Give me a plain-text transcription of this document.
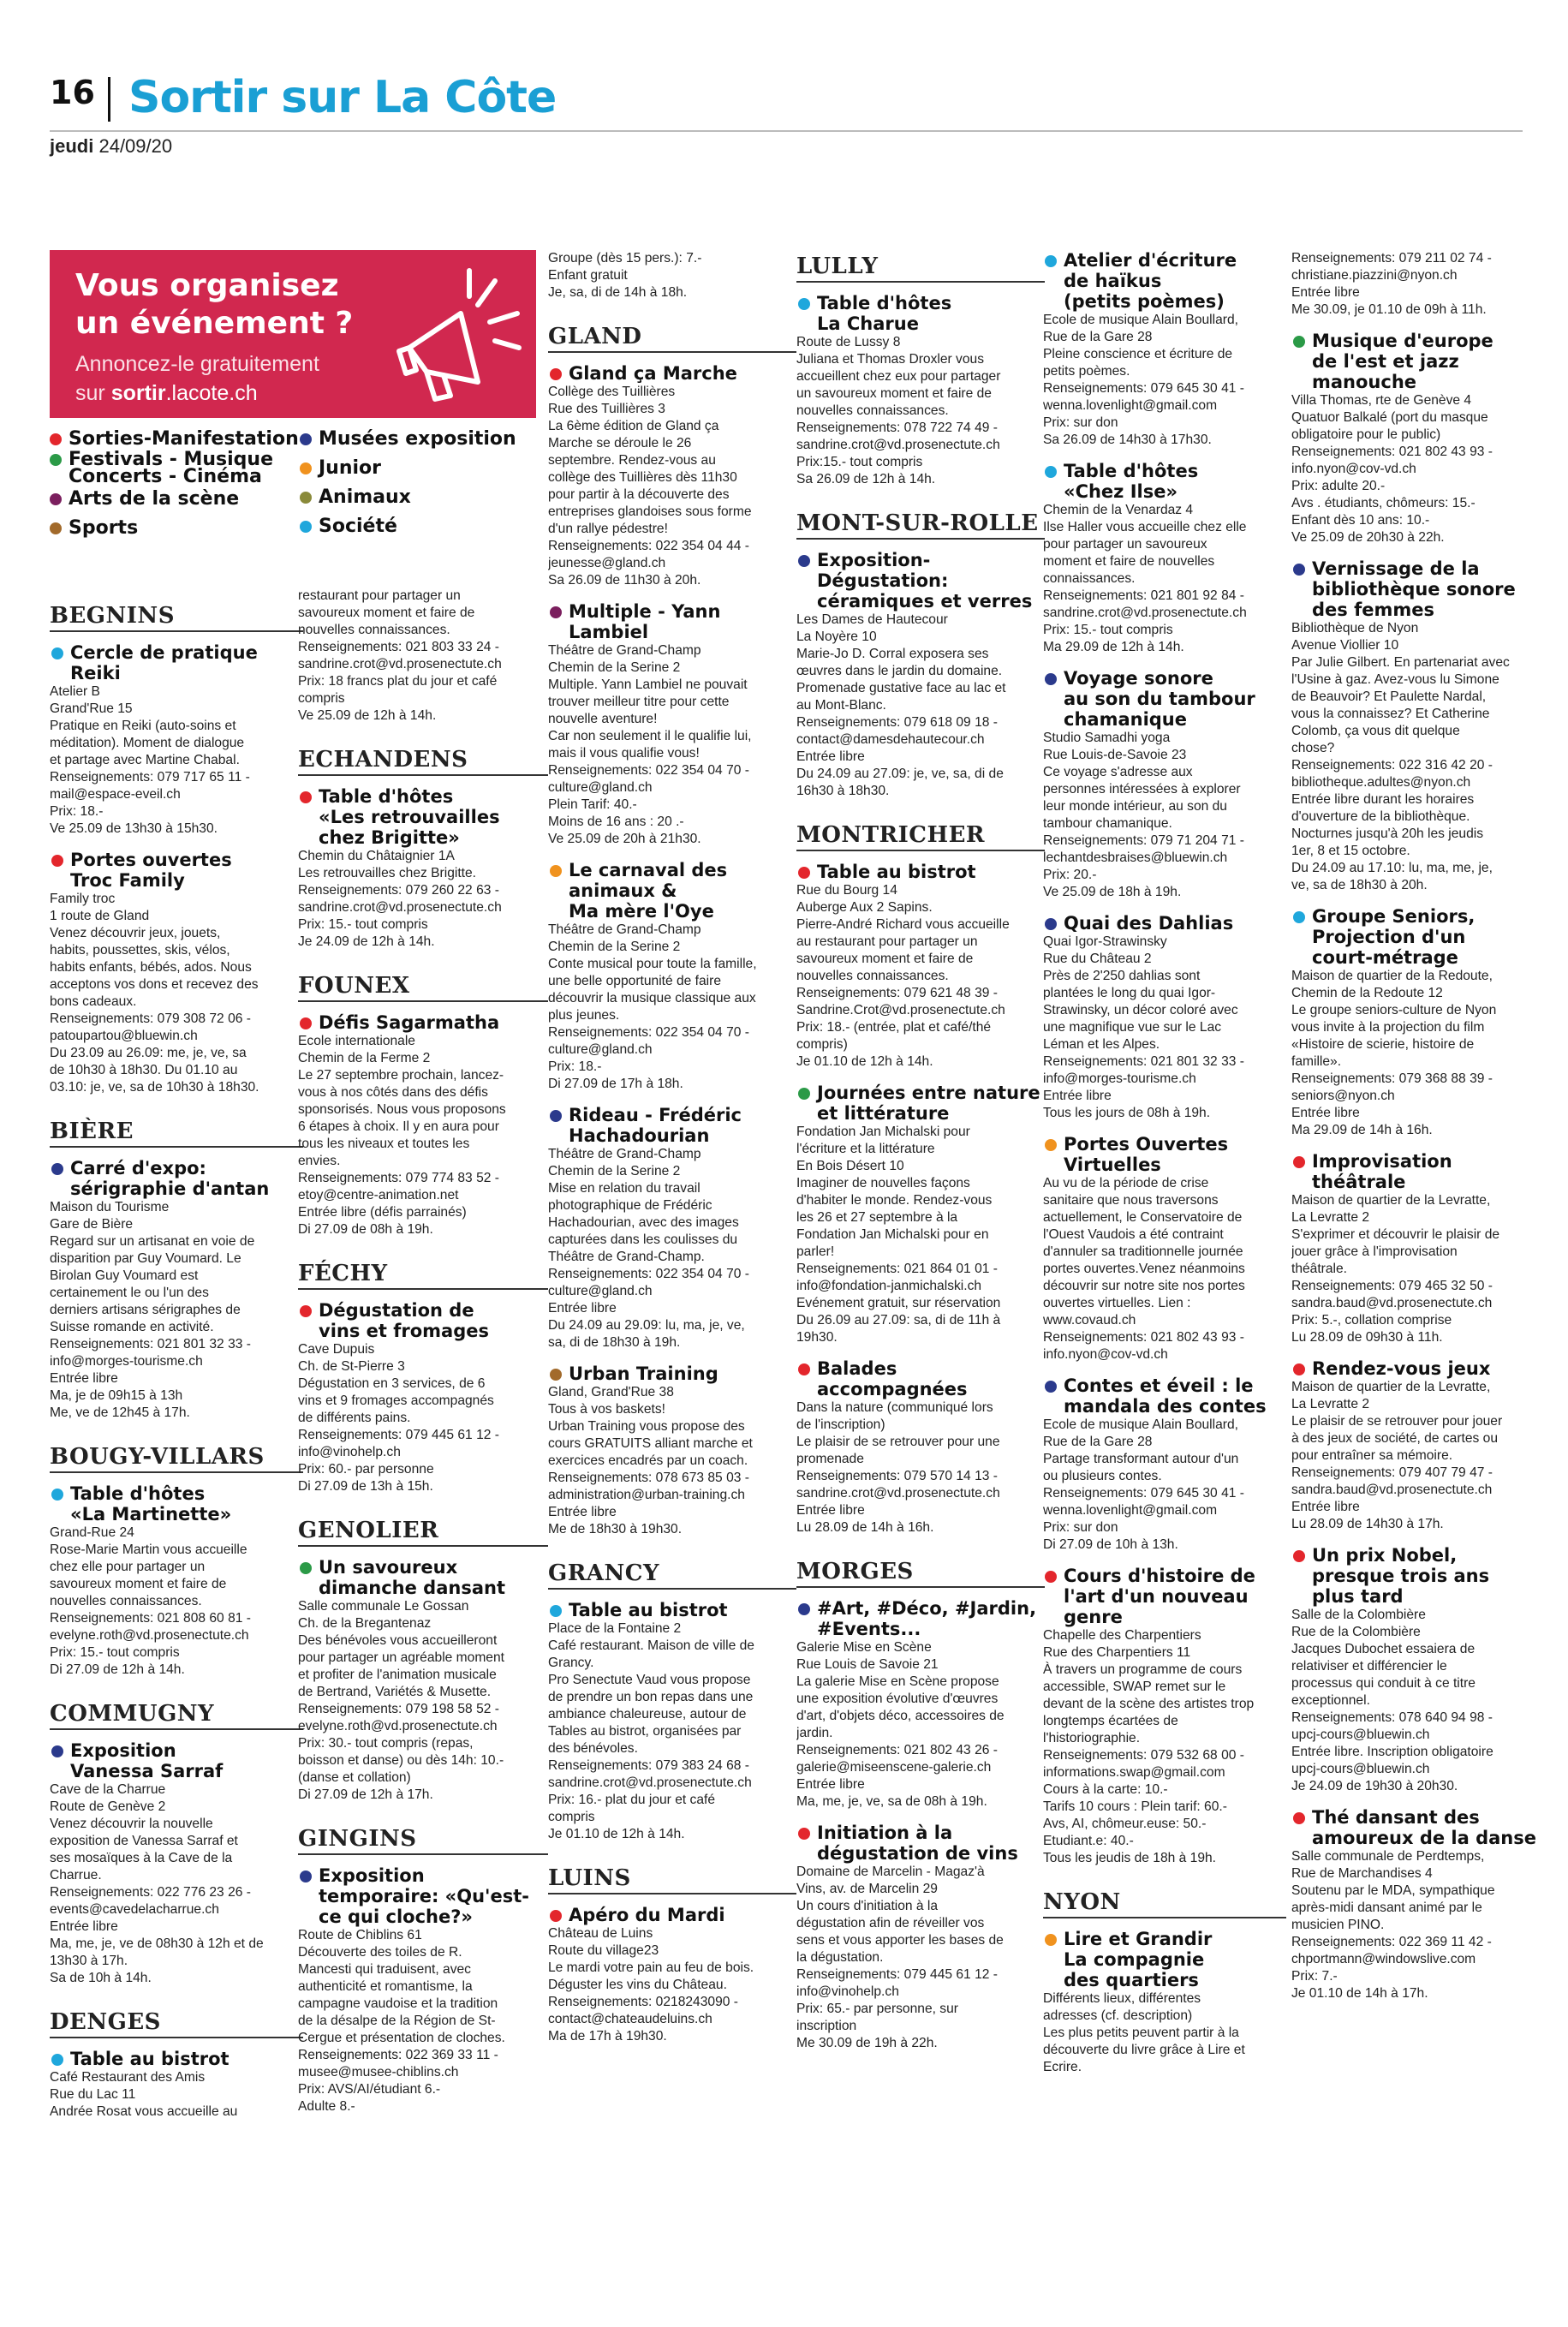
16 Sortir sur La Côte
jeudi 24/09/20
Vous organisez
un événement ?
Annoncez-le gratuitement
sur sortir.lacote.ch
Sorties-Manifestation
Festivals - Musique
Concerts - Cinéma
Arts de la scène
Sports
Musées exposition
Junior
Animaux
Société
BEGNINS
Cercle de pratique
Reiki
Atelier B
Grand'Rue 15
Pratique en Reiki (auto-soins et
méditation). Moment de dialogue
et partage avec Martine Chabal.
Renseignements: 079 717 65 11 -
mail@espace-eveil.ch
Prix: 18.-
Ve 25.09 de 13h30 à 15h30.
Portes ouvertes
Troc Family
Family troc
1 route de Gland
Venez découvrir jeux, jouets,
habits, poussettes, skis, vélos,
habits enfants, bébés, ados. Nous
acceptons vos dons et recevez des
bons cadeaux.
Renseignements: 079 308 72 06 -
patoupartou@bluewin.ch
Du 23.09 au 26.09: me, je, ve, sa
de 10h30 à 18h30. Du 01.10 au
03.10: je, ve, sa de 10h30 à 18h30.
BIÈRE
Carré d'expo:
sérigraphie d'antan
Maison du Tourisme
Gare de Bière
Regard sur un artisanat en voie de
disparition par Guy Voumard. Le
Birolan Guy Voumard est
certainement le ou l'un des
derniers artisans sérigraphes de
Suisse romande en activité.
Renseignements: 021 801 32 33 -
info@morges-tourisme.ch
Entrée libre
Ma, je de 09h15 à 13h
Me, ve de 12h45 à 17h.
BOUGY-VILLARS
Table d'hôtes
«La Martinette»
Grand-Rue 24
Rose-Marie Martin vous accueille
chez elle pour partager un
savoureux moment et faire de
nouvelles connaissances.
Renseignements: 021 808 60 81 -
evelyne.roth@vd.prosenectute.ch
Prix: 15.- tout compris
Di 27.09 de 12h à 14h.
COMMUGNY
Exposition
Vanessa Sarraf
Cave de la Charrue
Route de Genève 2
Venez découvrir la nouvelle
exposition de Vanessa Sarraf et
ses mosaïques à la Cave de la
Charrue.
Renseignements: 022 776 23 26 -
events@cavedelacharrue.ch
Entrée libre
Ma, me, je, ve de 08h30 à 12h et de
13h30 à 17h.
Sa de 10h à 14h.
DENGES
Table au bistrot
Café Restaurant des Amis
Rue du Lac 11
Andrée Rosat vous accueille au
restaurant pour partager un
savoureux moment et faire de
nouvelles connaissances.
Renseignements: 021 803 33 24 -
sandrine.crot@vd.prosenectute.ch
Prix: 18 francs plat du jour et café
compris
Ve 25.09 de 12h à 14h.
ECHANDENS
Table d'hôtes
«Les retrouvailles
chez Brigitte»
Chemin du Châtaignier 1A
Les retrouvailles chez Brigitte.
Renseignements: 079 260 22 63 -
sandrine.crot@vd.prosenectute.ch
Prix: 15.- tout compris
Je 24.09 de 12h à 14h.
FOUNEX
Défis Sagarmatha
Ecole internationale
Chemin de la Ferme 2
Le 27 septembre prochain, lancez-
vous à nos côtés dans des défis
sponsorisés. Nous vous proposons
6 étapes à choix. Il y en aura pour
tous les niveaux et toutes les
envies.
Renseignements: 079 774 83 52 -
etoy@centre-animation.net
Entrée libre (défis parrainés)
Di 27.09 de 08h à 19h.
FÉCHY
Dégustation de
vins et fromages
Cave Dupuis
Ch. de St-Pierre 3
Dégustation en 3 services, de 6
vins et 9 fromages accompagnés
de différents pains.
Renseignements: 079 445 61 12 -
info@vinohelp.ch
Prix: 60.- par personne
Di 27.09 de 13h à 15h.
GENOLIER
Un savoureux
dimanche dansant
Salle communale Le Gossan
Ch. de la Bregantenaz
Des bénévoles vous accueilleront
pour partager un agréable moment
et profiter de l'animation musicale
de Bertrand, Variétés & Musette.
Renseignements: 079 198 58 52 -
evelyne.roth@vd.prosenectute.ch
Prix: 30.- tout compris (repas,
boisson et danse) ou dès 14h: 10.-
(danse et collation)
Di 27.09 de 12h à 17h.
GINGINS
Exposition
temporaire: «Qu'est-
ce qui cloche?»
Route de Chiblins 61
Découverte des toiles de R.
Mancesti qui traduisent, avec
authenticité et romantisme, la
campagne vaudoise et la tradition
de la désalpe de la Région de St-
Cergue et présentation de cloches.
Renseignements: 022 369 33 11 -
musee@musee-chiblins.ch
Prix: AVS/AI/étudiant 6.-
Adulte 8.-
Groupe (dès 15 pers.): 7.-
Enfant gratuit
Je, sa, di de 14h à 18h.
GLAND
Gland ça Marche
Collège des Tuillières
Rue des Tuillières 3
La 6ème édition de Gland ça
Marche se déroule le 26
septembre. Rendez-vous au
collège des Tuillières dès 11h30
pour partir à la découverte des
entreprises glandoises sous forme
d'un rallye pédestre!
Renseignements: 022 354 04 44 -
jeunesse@gland.ch
Sa 26.09 de 11h30 à 20h.
Multiple - Yann
Lambiel
Théâtre de Grand-Champ
Chemin de la Serine 2
Multiple. Yann Lambiel ne pouvait
trouver meilleur titre pour cette
nouvelle aventure!
Car non seulement il le qualifie lui,
mais il vous qualifie vous!
Renseignements: 022 354 04 70 -
culture@gland.ch
Plein Tarif: 40.-
Moins de 16 ans : 20 .-
Ve 25.09 de 20h à 21h30.
Le carnaval des
animaux &
Ma mère l'Oye
Théâtre de Grand-Champ
Chemin de la Serine 2
Conte musical pour toute la famille,
une belle opportunité de faire
découvrir la musique classique aux
plus jeunes.
Renseignements: 022 354 04 70 -
culture@gland.ch
Prix: 18.-
Di 27.09 de 17h à 18h.
Rideau - Frédéric
Hachadourian
Théâtre de Grand-Champ
Chemin de la Serine 2
Mise en relation du travail
photographique de Frédéric
Hachadourian, avec des images
capturées dans les coulisses du
Théâtre de Grand-Champ.
Renseignements: 022 354 04 70 -
culture@gland.ch
Entrée libre
Du 24.09 au 29.09: lu, ma, je, ve,
sa, di de 18h30 à 19h.
Urban Training
Gland, Grand'Rue 38
Tous à vos baskets!
Urban Training vous propose des
cours GRATUITS alliant marche et
exercices encadrés par un coach.
Renseignements: 078 673 85 03 -
administration@urban-training.ch
Entrée libre
Me de 18h30 à 19h30.
GRANCY
Table au bistrot
Place de la Fontaine 2
Café restaurant. Maison de ville de
Grancy.
Pro Senectute Vaud vous propose
de prendre un bon repas dans une
ambiance chaleureuse, autour de
Tables au bistrot, organisées par
des bénévoles.
Renseignements: 079 383 24 68 -
sandrine.crot@vd.prosenectute.ch
Prix: 16.- plat du jour et café
compris
Je 01.10 de 12h à 14h.
LUINS
Apéro du Mardi
Château de Luins
Route du village23
Le mardi votre pain au feu de bois.
Déguster les vins du Château.
Renseignements: 0218243090 -
contact@chateaudeluins.ch
Ma de 17h à 19h30.
LULLY
Table d'hôtes
La Charue
Route de Lussy 8
Juliana et Thomas Droxler vous
accueillent chez eux pour partager
un savoureux moment et faire de
nouvelles connaissances.
Renseignements: 078 722 74 49 -
sandrine.crot@vd.prosenectute.ch
Prix:15.- tout compris
Sa 26.09 de 12h à 14h.
MONT-SUR-ROLLE
Exposition-
Dégustation:
céramiques et verres
Les Dames de Hautecour
La Noyère 10
Marie-Jo D. Corral exposera ses
œuvres dans le jardin du domaine.
Promenade gustative face au lac et
au Mont-Blanc.
Renseignements: 079 618 09 18 -
contact@damesdehautecour.ch
Entrée libre
Du 24.09 au 27.09: je, ve, sa, di de
16h30 à 18h30.
MONTRICHER
Table au bistrot
Rue du Bourg 14
Auberge Aux 2 Sapins.
Pierre-André Richard vous accueille
au restaurant pour partager un
savoureux moment et faire de
nouvelles connaissances.
Renseignements: 079 621 48 39 -
Sandrine.Crot@vd.prosenectute.ch
Prix: 18.- (entrée, plat et café/thé
compris)
Je 01.10 de 12h à 14h.
Journées entre nature
et littérature
Fondation Jan Michalski pour
l'écriture et la littérature
En Bois Désert 10
Imaginer de nouvelles façons
d'habiter le monde. Rendez-vous
les 26 et 27 septembre à la
Fondation Jan Michalski pour en
parler!
Renseignements: 021 864 01 01 -
info@fondation-janmichalski.ch
Evénement gratuit, sur réservation
Du 26.09 au 27.09: sa, di de 11h à
19h30.
Balades
accompagnées
Dans la nature (communiqué lors
de l'inscription)
Le plaisir de se retrouver pour une
promenade
Renseignements: 079 570 14 13 -
sandrine.crot@vd.prosenectute.ch
Entrée libre
Lu 28.09 de 14h à 16h.
MORGES
#Art, #Déco, #Jardin,
#Events...
Galerie Mise en Scène
Rue Louis de Savoie 21
La galerie Mise en Scène propose
une exposition évolutive d'œuvres
d'art, d'objets déco, accessoires de
jardin.
Renseignements: 021 802 43 26 -
galerie@miseenscene-galerie.ch
Entrée libre
Ma, me, je, ve, sa de 08h à 19h.
Initiation à la
dégustation de vins
Domaine de Marcelin - Magaz'à
Vins, av. de Marcelin 29
Un cours d'initiation à la
dégustation afin de réveiller vos
sens et vous apporter les bases de
la dégustation.
Renseignements: 079 445 61 12 -
info@vinohelp.ch
Prix: 65.- par personne, sur
inscription
Me 30.09 de 19h à 22h.
Atelier d'écriture
de haïkus
(petits poèmes)
Ecole de musique Alain Boullard,
Rue de la Gare 28
Pleine conscience et écriture de
petits poèmes.
Renseignements: 079 645 30 41 -
wenna.lovenlight@gmail.com
Prix: sur don
Sa 26.09 de 14h30 à 17h30.
Table d'hôtes
«Chez Ilse»
Chemin de la Venardaz 4
Ilse Haller vous accueille chez elle
pour partager un savoureux
moment et faire de nouvelles
connaissances.
Renseignements: 021 801 92 84 -
sandrine.crot@vd.prosenectute.ch
Prix: 15.- tout compris
Ma 29.09 de 12h à 14h.
Voyage sonore
au son du tambour
chamanique
Studio Samadhi yoga
Rue Louis-de-Savoie 23
Ce voyage s'adresse aux
personnes intéressées à explorer
leur monde intérieur, au son du
tambour chamanique.
Renseignements: 079 71 204 71 -
lechantdesbraises@bluewin.ch
Prix: 20.-
Ve 25.09 de 18h à 19h.
Quai des Dahlias
Quai Igor-Strawinsky
Rue du Château 2
Près de 2'250 dahlias sont
plantées le long du quai Igor-
Strawinsky, un décor coloré avec
une magnifique vue sur le Lac
Léman et les Alpes.
Renseignements: 021 801 32 33 -
info@morges-tourisme.ch
Entrée libre
Tous les jours de 08h à 19h.
Portes Ouvertes
Virtuelles
Au vu de la période de crise
sanitaire que nous traversons
actuellement, le Conservatoire de
l'Ouest Vaudois a été contraint
d'annuler sa traditionnelle journée
portes ouvertes.Venez néanmoins
découvrir sur notre site nos portes
ouvertes virtuelles. Lien :
www.covaud.ch
Renseignements: 021 802 43 93 -
info.nyon@cov-vd.ch
Contes et éveil : le
mandala des contes
Ecole de musique Alain Boullard,
Rue de la Gare 28
Partage transformant autour d'un
ou plusieurs contes.
Renseignements: 079 645 30 41 -
wenna.lovenlight@gmail.com
Prix: sur don
Di 27.09 de 10h à 13h.
Cours d'histoire de
l'art d'un nouveau
genre
Chapelle des Charpentiers
Rue des Charpentiers 11
À travers un programme de cours
accessible, SWAP remet sur le
devant de la scène des artistes trop
longtemps écartées de
l'historiographie.
Renseignements: 079 532 68 00 -
informations.swap@gmail.com
Cours à la carte: 10.-
Tarifs 10 cours : Plein tarif: 60.-
Avs, AI, chômeur.euse: 50.-
Etudiant.e: 40.-
Tous les jeudis de 18h à 19h.
NYON
Lire et Grandir
La compagnie
des quartiers
Différents lieux, différentes
adresses (cf. description)
Les plus petits peuvent partir à la
découverte du livre grâce à Lire et
Ecrire.
Renseignements: 079 211 02 74 -
christiane.piazzini@nyon.ch
Entrée libre
Me 30.09, je 01.10 de 09h à 11h.
Musique d'europe
de l'est et jazz
manouche
Villa Thomas, rte de Genève 4
Quatuor Balkalé (port du masque
obligatoire pour le public)
Renseignements: 021 802 43 93 -
info.nyon@cov-vd.ch
Prix: adulte 20.-
Avs . étudiants, chômeurs: 15.-
Enfant dès 10 ans: 10.-
Ve 25.09 de 20h30 à 22h.
Vernissage de la
bibliothèque sonore
des femmes
Bibliothèque de Nyon
Avenue Viollier 10
Par Julie Gilbert. En partenariat avec
l'Usine à gaz. Avez-vous lu Simone
de Beauvoir? Et Paulette Nardal,
vous la connaissez? Et Catherine
Colomb, ça vous dit quelque
chose?
Renseignements: 022 316 42 20 -
bibliotheque.adultes@nyon.ch
Entrée libre durant les horaires
d'ouverture de la bibliothèque.
Nocturnes jusqu'à 20h les jeudis
1er, 8 et 15 octobre.
Du 24.09 au 17.10: lu, ma, me, je,
ve, sa de 18h30 à 20h.
Groupe Seniors,
Projection d'un
court-métrage
Maison de quartier de la Redoute,
Chemin de la Redoute 12
Le groupe seniors-culture de Nyon
vous invite à la projection du film
«Histoire de scierie, histoire de
famille».
Renseignements: 079 368 88 39 -
seniors@nyon.ch
Entrée libre
Ma 29.09 de 14h à 16h.
Improvisation
théâtrale
Maison de quartier de la Levratte,
La Levratte 2
S'exprimer et découvrir le plaisir de
jouer grâce à l'improvisation
théâtrale.
Renseignements: 079 465 32 50 -
sandra.baud@vd.prosenectute.ch
Prix: 5.-, collation comprise
Lu 28.09 de 09h30 à 11h.
Rendez-vous jeux
Maison de quartier de la Levratte,
La Levratte 2
Le plaisir de se retrouver pour jouer
à des jeux de société, de cartes ou
pour entraîner sa mémoire.
Renseignements: 079 407 79 47 -
sandra.baud@vd.prosenectute.ch
Entrée libre
Lu 28.09 de 14h30 à 17h.
Un prix Nobel,
presque trois ans
plus tard
Salle de la Colombière
Rue de la Colombière
Jacques Dubochet essaiera de
relativiser et différencier le
processus qui conduit à ce titre
exceptionnel.
Renseignements: 078 640 94 98 -
upcj-cours@bluewin.ch
Entrée libre. Inscription obligatoire
upcj-cours@bluewin.ch
Je 24.09 de 19h30 à 20h30.
Thé dansant des
amoureux de la danse
Salle communale de Perdtemps,
Rue de Marchandises 4
Soutenu par le MDA, sympathique
après-midi dansant animé par le
musicien PINO.
Renseignements: 022 369 11 42 -
chportmann@windowslive.com
Prix: 7.-
Je 01.10 de 14h à 17h.
